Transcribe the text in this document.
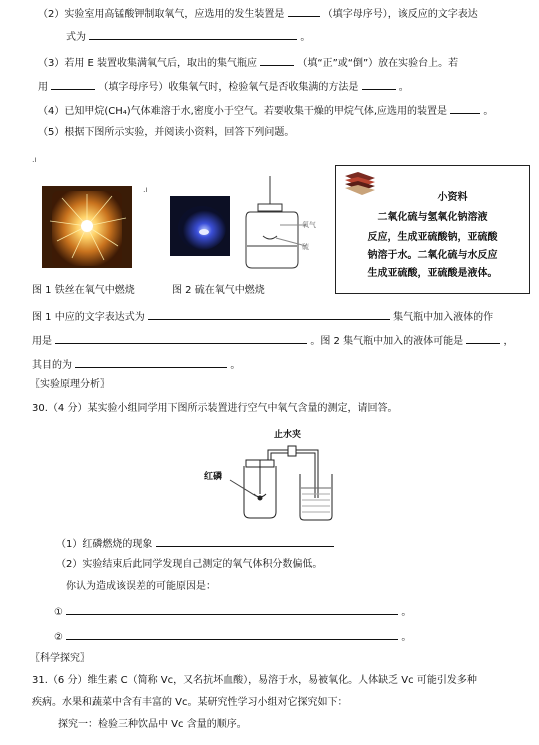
（2）实验室用高锰酸钾制取氧气，应选用的发生装置是	（填字母序号），该反应的文字表达
式为	。
（3）若用 E 装置收集满氧气后，取出的集气瓶应	（填“正”或“倒”）放在实验台上。若
用	（填字母序号）收集氧气时，检验氧气是否收集满的方法是	。
（4）已知甲烷(CH₄)气体难溶于水,密度小于空气。若要收集干燥的甲烷气体,应选用的装置是	。
（5）根据下图所示实验，并阅读小资料，回答下列问题。
.ı
.ı
氧气
硫
小资料
二氧化硫与氢氧化钠溶液
反应，生成亚硫酸钠，亚硫酸
钠溶于水。二氧化硫与水反应
生成亚硫酸，亚硫酸是液体。
图 1 铁丝在氧气中燃烧	图 2 硫在氧气中燃烧
图 1 中应的文字表达式为	集气瓶中加入液体的作
用是	。图 2 集气瓶中加入的液体可能是	，
其目的为	。
〖实验原理分析〗
30.（4 分）某实验小组同学用下图所示装置进行空气中氧气含量的测定，请回答。
止水夹
红磷
（1）红磷燃烧的现象
（2）实验结束后此同学发现自己测定的氧气体积分数偏低。
你认为造成该误差的可能原因是：
①	。
②	。
〖科学探究〗
31.（6 分）维生素 C（简称 Vc，又名抗坏血酸），易溶于水，易被氧化。人体缺乏 Vc 可能引发多种
疾病。水果和蔬菜中含有丰富的 Vc。某研究性学习小组对它探究如下：
探究一：检验三种饮品中 Vc 含量的顺序。
